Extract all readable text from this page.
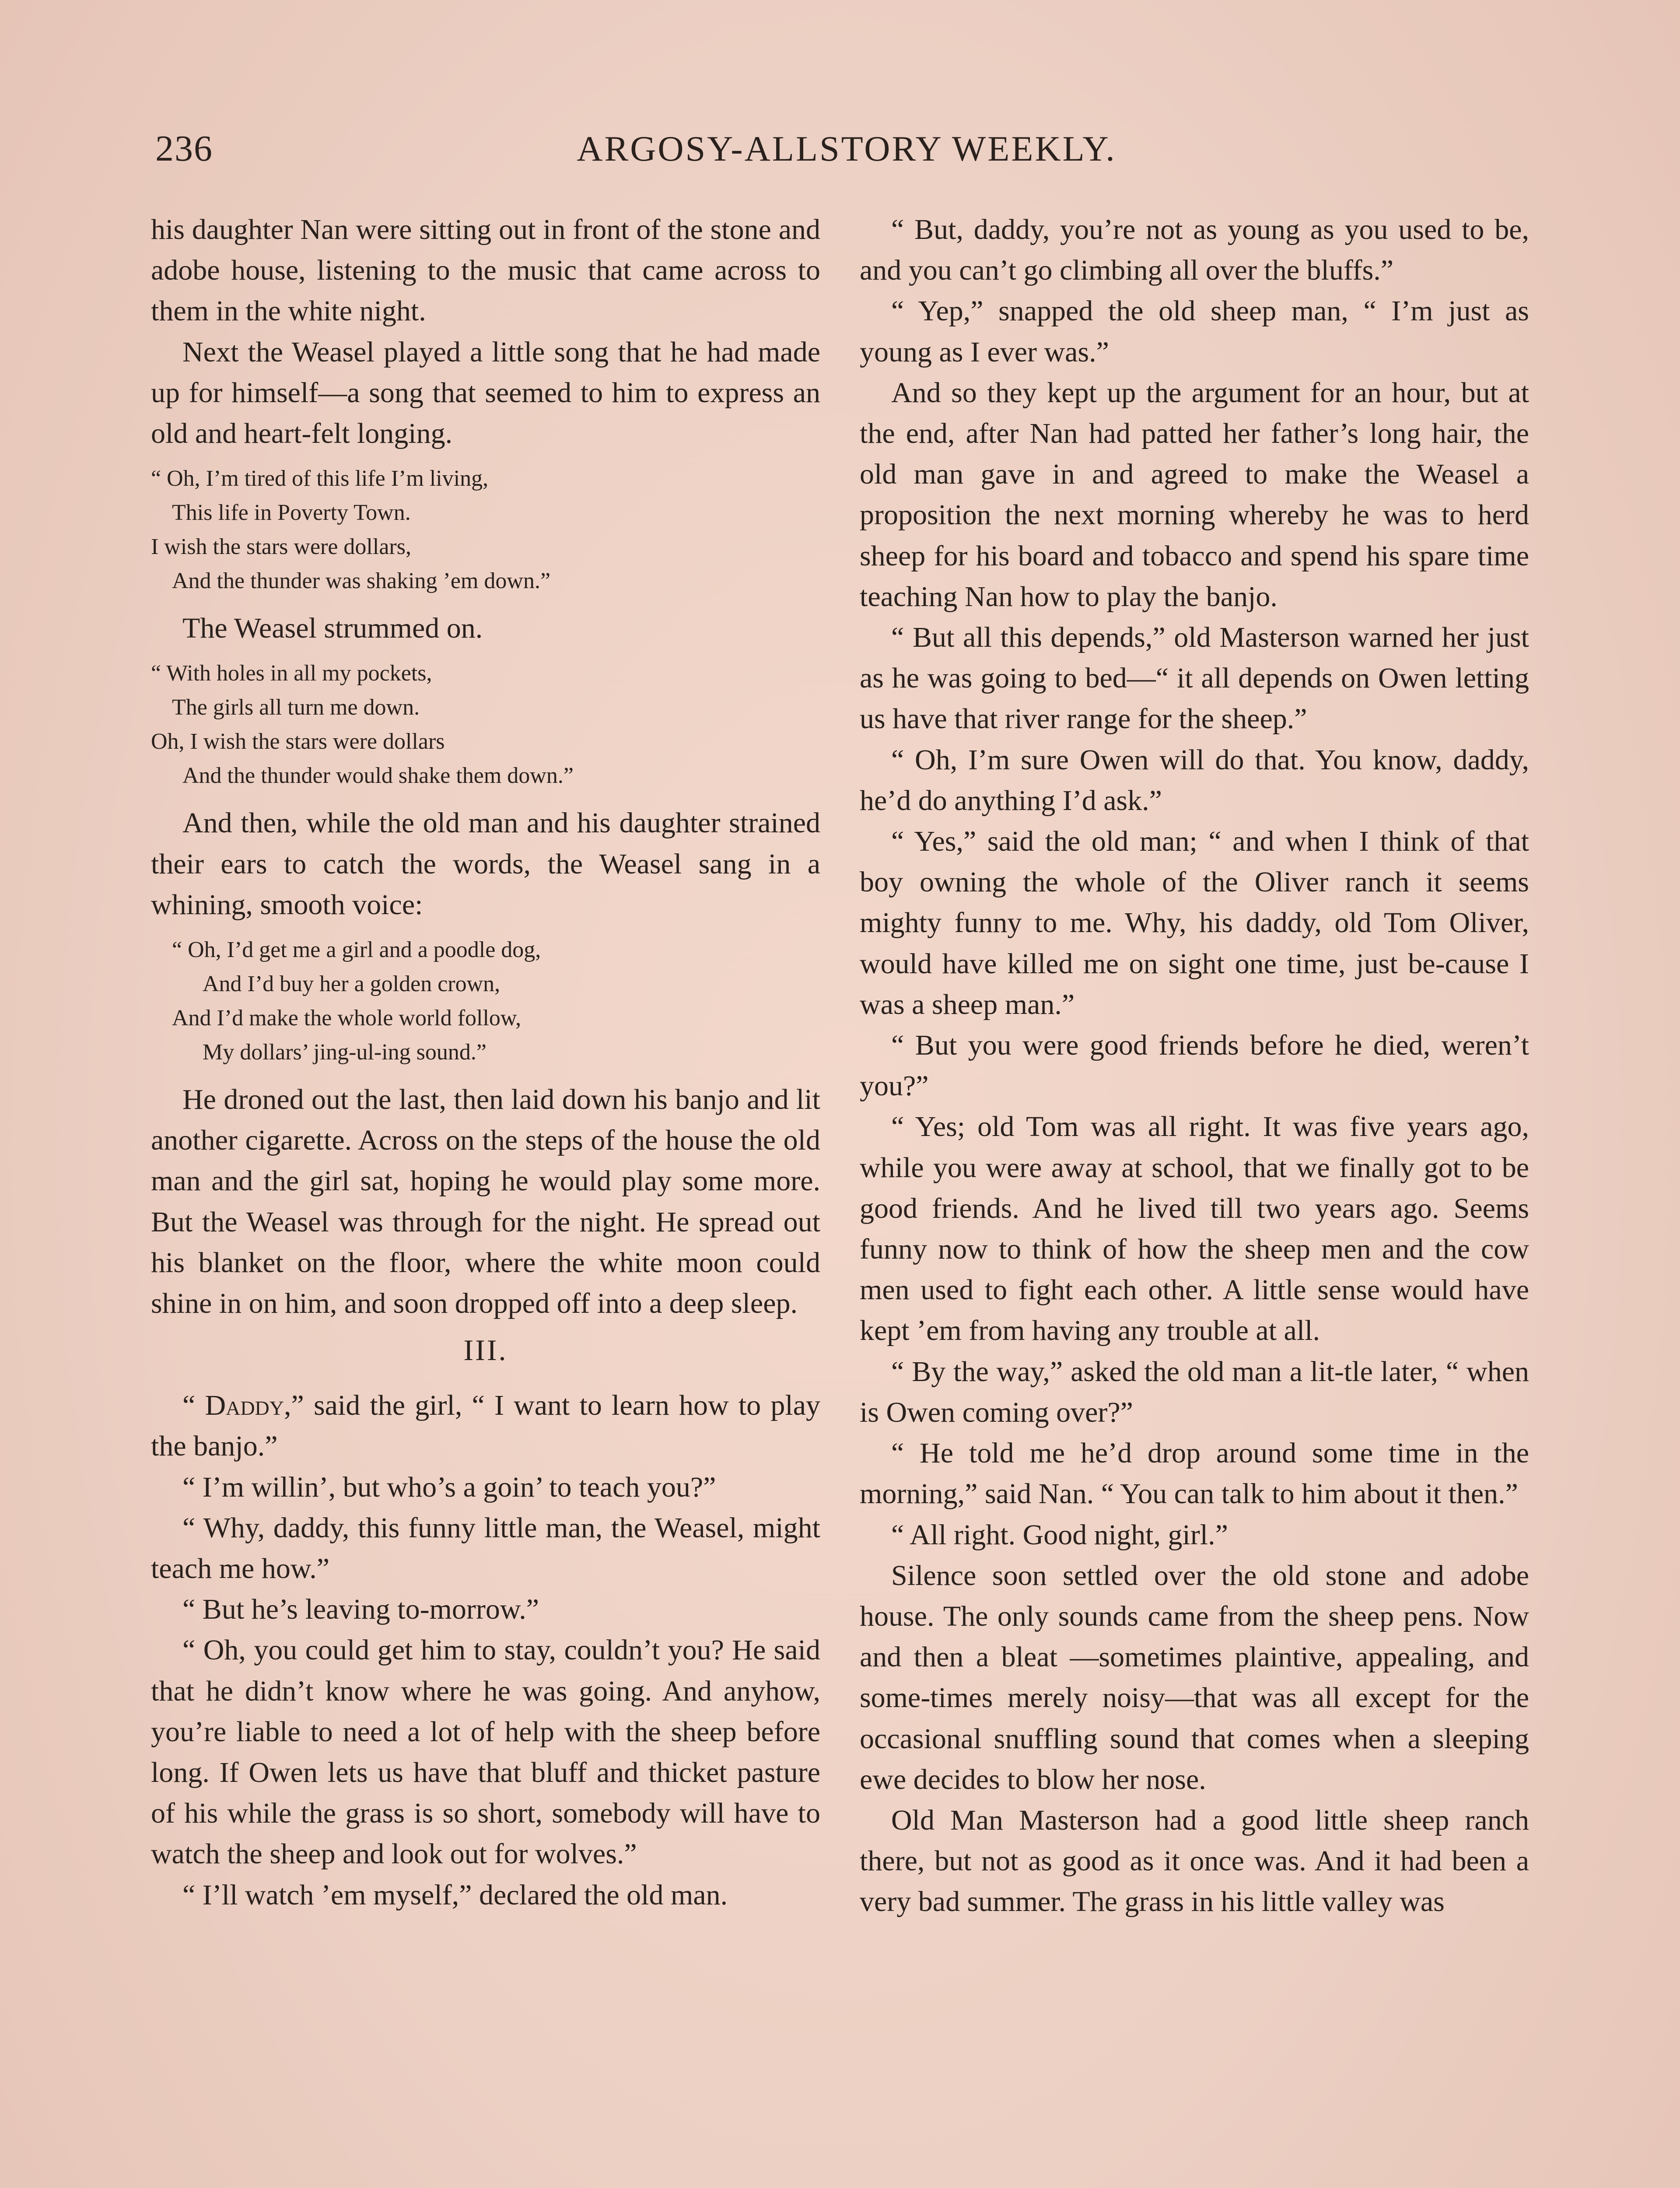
236	ARGOSY-ALLSTORY WEEKLY.

his daughter Nan were sitting out in front of the stone and adobe house, listening to the music that came across to them in the white night.

Next the Weasel played a little song that he had made up for himself—a song that seemed to him to express an old and heart-felt longing.

“ Oh, I’m tired of this life I’m living,
This life in Poverty Town.
I wish the stars were dollars,
And the thunder was shaking ’em down.”

The Weasel strummed on.

“ With holes in all my pockets,
The girls all turn me down.
Oh, I wish the stars were dollars
And the thunder would shake them down.”

And then, while the old man and his daughter strained their ears to catch the words, the Weasel sang in a whining, smooth voice:

“ Oh, I’d get me a girl and a poodle dog,
And I’d buy her a golden crown,
And I’d make the whole world follow,
My dollars’ jing-ul-ing sound.”

He droned out the last, then laid down his banjo and lit another cigarette. Across on the steps of the house the old man and the girl sat, hoping he would play some more. But the Weasel was through for the night. He spread out his blanket on the floor, where the white moon could shine in on him, and soon dropped off into a deep sleep.

III.

“ Daddy,” said the girl, “ I want to learn how to play the banjo.”

“ I’m willin’, but who’s a goin’ to teach you?”

“ Why, daddy, this funny little man, the Weasel, might teach me how.”

“ But he’s leaving to-morrow.”

“ Oh, you could get him to stay, couldn’t you? He said that he didn’t know where he was going. And anyhow, you’re liable to need a lot of help with the sheep before long. If Owen lets us have that bluff and thicket pasture of his while the grass is so short, somebody will have to watch the sheep and look out for wolves.”

“ I’ll watch ’em myself,” declared the old man.

“ But, daddy, you’re not as young as you used to be, and you can’t go climbing all over the bluffs.”

“ Yep,” snapped the old sheep man, “ I’m just as young as I ever was.”

And so they kept up the argument for an hour, but at the end, after Nan had patted her father’s long hair, the old man gave in and agreed to make the Weasel a proposition the next morning whereby he was to herd sheep for his board and tobacco and spend his spare time teaching Nan how to play the banjo.

“ But all this depends,” old Masterson warned her just as he was going to bed—“ it all depends on Owen letting us have that river range for the sheep.”

“ Oh, I’m sure Owen will do that. You know, daddy, he’d do anything I’d ask.”

“ Yes,” said the old man; “ and when I think of that boy owning the whole of the Oliver ranch it seems mighty funny to me. Why, his daddy, old Tom Oliver, would have killed me on sight one time, just be-cause I was a sheep man.”

“ But you were good friends before he died, weren’t you?”

“ Yes; old Tom was all right. It was five years ago, while you were away at school, that we finally got to be good friends. And he lived till two years ago. Seems funny now to think of how the sheep men and the cow men used to fight each other. A little sense would have kept ’em from having any trouble at all.

“ By the way,” asked the old man a lit-tle later, “ when is Owen coming over?”

“ He told me he’d drop around some time in the morning,” said Nan. “ You can talk to him about it then.”

“ All right. Good night, girl.”

Silence soon settled over the old stone and adobe house. The only sounds came from the sheep pens. Now and then a bleat —sometimes plaintive, appealing, and some-times merely noisy—that was all except for the occasional snuffling sound that comes when a sleeping ewe decides to blow her nose.

Old Man Masterson had a good little sheep ranch there, but not as good as it once was. And it had been a very bad summer. The grass in his little valley was
